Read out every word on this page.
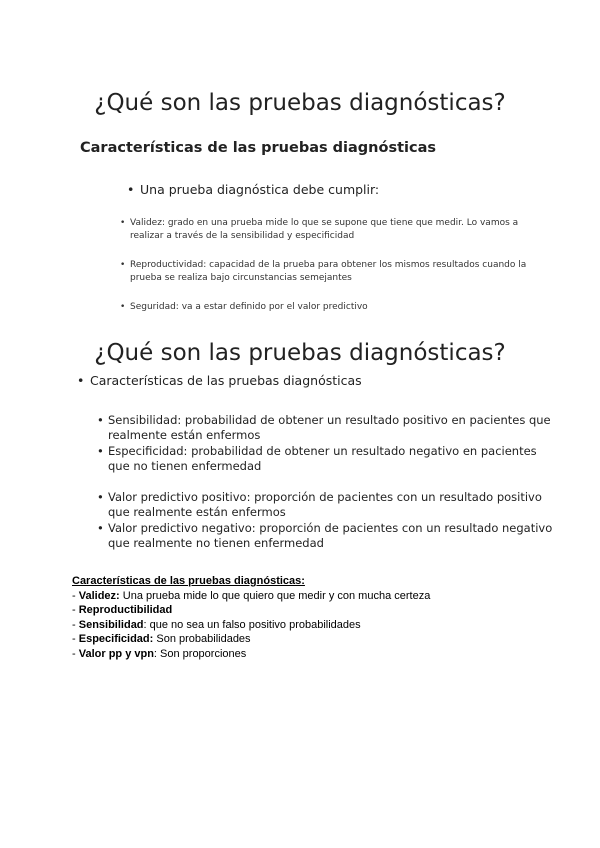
¿Qué son las pruebas diagnósticas?
Características de las pruebas diagnósticas
• Una prueba diagnóstica debe cumplir:
• Validez: grado en una prueba mide lo que se supone que tiene que medir. Lo vamos a
realizar a través de la sensibilidad y especificidad
• Reproductividad: capacidad de la prueba para obtener los mismos resultados cuando la
prueba se realiza bajo circunstancias semejantes
• Seguridad: va a estar definido por el valor predictivo
¿Qué son las pruebas diagnósticas?
• Características de las pruebas diagnósticas
• Sensibilidad: probabilidad de obtener un resultado positivo en pacientes que
realmente están enfermos
• Especificidad: probabilidad de obtener un resultado negativo en pacientes
que no tienen enfermedad
• Valor predictivo positivo: proporción de pacientes con un resultado positivo
que realmente están enfermos
• Valor predictivo negativo: proporción de pacientes con un resultado negativo
que realmente no tienen enfermedad
Características de las pruebas diagnósticas:
- Validez: Una prueba mide lo que quiero que medir y con mucha certeza
- Reproductibilidad
- Sensibilidad: que no sea un falso positivo probabilidades
- Especificidad: Son probabilidades
- Valor pp y vpn: Son proporciones
